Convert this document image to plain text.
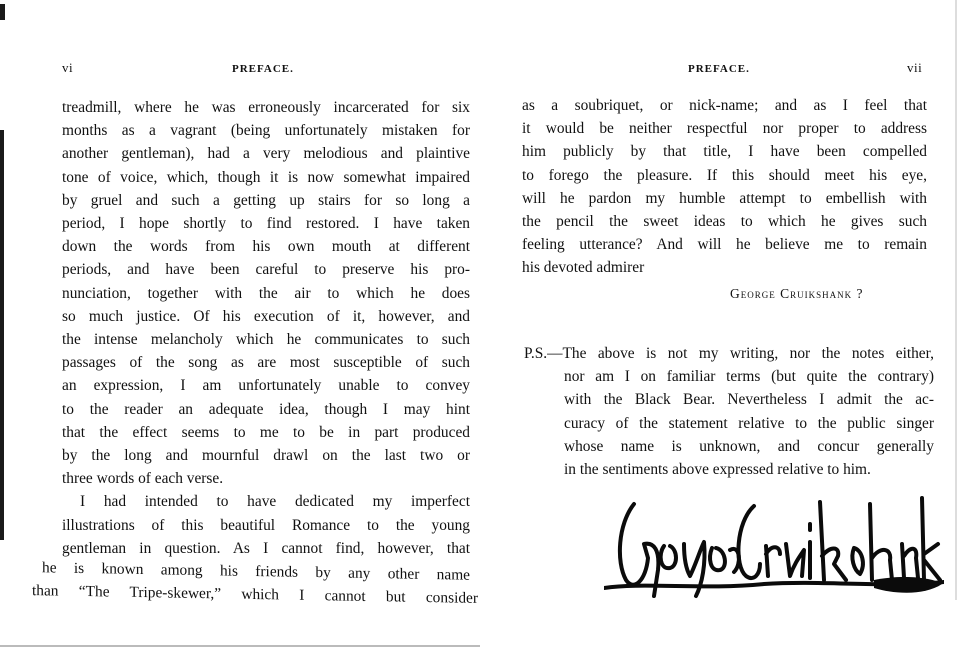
vi	PREFACE.
treadmill, where he was erroneously incarcerated for six
months as a vagrant (being unfortunately mistaken for
another gentleman), had a very melodious and plaintive
tone of voice, which, though it is now somewhat impaired
by gruel and such a getting up stairs for so long a
period, I hope shortly to find restored. I have taken
down the words from his own mouth at different
periods, and have been careful to preserve his pro-
nunciation, together with the air to which he does
so much justice. Of his execution of it, however, and
the intense melancholy which he communicates to such
passages of the song as are most susceptible of such
an expression, I am unfortunately unable to convey
to the reader an adequate idea, though I may hint
that the effect seems to me to be in part produced
by the long and mournful drawl on the last two or
three words of each verse.
I had intended to have dedicated my imperfect
illustrations of this beautiful Romance to the young
gentleman in question. As I cannot find, however, that
he is known among his friends by any other name
than “The Tripe-skewer,” which I cannot but consider
PREFACE.	vii
as a soubriquet, or nick-name; and as I feel that
it would be neither respectful nor proper to address
him publicly by that title, I have been compelled
to forego the pleasure. If this should meet his eye,
will he pardon my humble attempt to embellish with
the pencil the sweet ideas to which he gives such
feeling utterance? And will he believe me to remain
his devoted admirer
George Cruikshank ?
P.S.—The above is not my writing, nor the notes either,
nor am I on familiar terms (but quite the contrary)
with the Black Bear. Nevertheless I admit the ac-
curacy of the statement relative to the public singer
whose name is unknown, and concur generally
in the sentiments above expressed relative to him.
